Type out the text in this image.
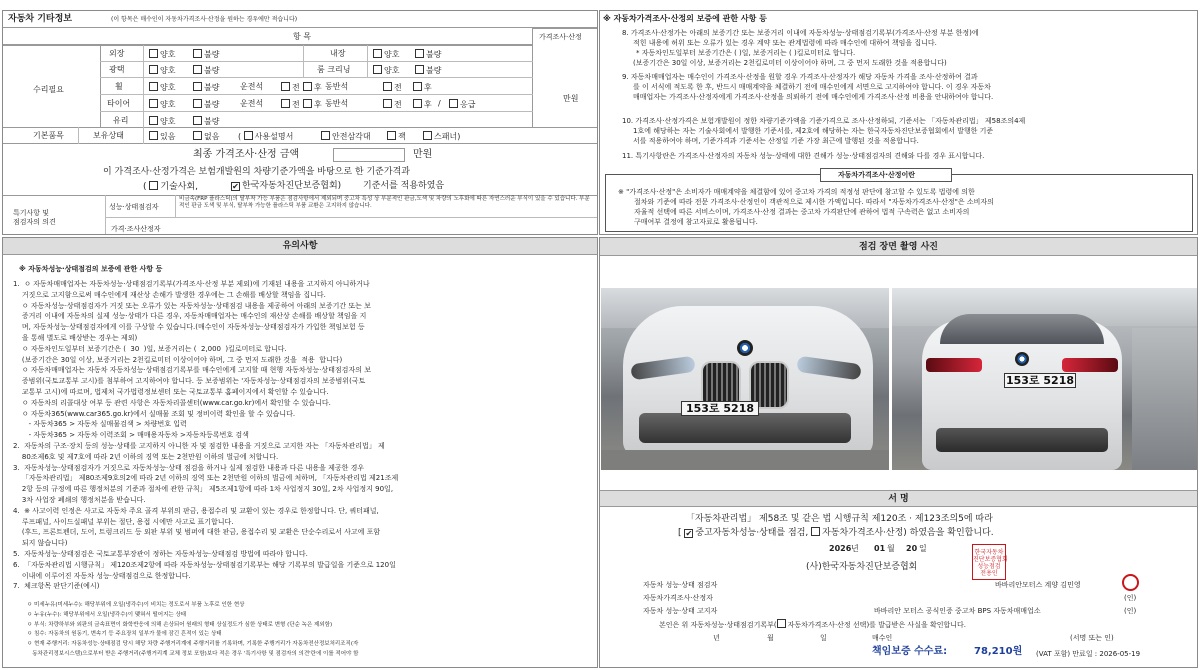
자동차 기타정보	(이 항목은 매수인이 자동차가격조사·산정을 원하는 경우에만 적습니다)
항 목	가격조사·산정
수리필요
만원
외장	양호	불량	내장	양호	불량
광택	양호	불량	룸 크리닝	양호	불량
휠	양호	불량	운전석	전	후 동반석	전	후
타이어	양호	불량	운전석	전	후 동반석	전	후 /	응급
유리	양호	불량
기본품목	보유상태	있음	없음 ( 사용설명서	안전삼각대	잭	스패너)
최종 가격조사·산정 금액	만원
이 가격조사·산정가격은 보험개발원의 차량기준가액을 바탕으로 한 기준가격과
( 기술사회,	✔ 한국자동차진단보증협회) 기준서를 적용하였음
특기사항 및
점검자의 의견
성능·상태점검자
비금속(FRP 플라스틱)의 탈부착 가능 부품은 점검사항에서 제외되며 중고차 특성 상 부분적인 판금,도색 및 차량의 노후화에 따른 자연스러운 부식이 있을 수 있습니다. 부분적인 판금 도색 및 부식, 탈부착 가능한 플라스틱 부품 교환은 고지하지 않습니다.
가격·조사산정자
※ 자동차가격조사·산정의 보증에 관한 사항 등
8. 가격조사·산정가는 아래의 보증기간 또는 보증거리 이내에 자동차성능·상태점검기록부(가격조사·산정 부분 한정)에
적힌 내용에 허위 또는 오류가 있는 경우 계약 또는 관계법령에 따라 매수인에 대하여 책임을 집니다.
* 자동차인도일부터 보증기간은 ( )일, 보증거리는 ( )킬로미터로 합니다.
(보증기간은 30일 이상, 보증거리는 2천킬로미터 이상이어야 하며, 그 중 먼저 도래한 것을 적용합니다)
9. 자동차매매업자는 매수인이 가격조사·산정을 원할 경우 가격조사·산정자가 해당 자동차 가격을 조사·산정하여 결과
를 이 서식에 적도록 한 후, 반드시 매매계약을 체결하기 전에 매수인에게 서면으로 고지하여야 합니다. 이 경우 자동차
매매업자는 가격조사·산정자에게 가격조사·산정을 의뢰하기 전에 매수인에게 가격조사·산정 비용을 안내하여야 합니다.
10. 가격조사·산정가격은 보험개발원이 정한 차량기준가액을 기준가격으로 조사·산정하되, 기준서는 「자동차관리법」 제58조의4제
1호에 해당하는 자는 기술사회에서 발행한 기준서를, 제2호에 해당하는 자는 한국자동차진단보증협회에서 발행한 기준
서를 적용하여야 하며, 기준가격과 기준서는 산정일 기준 가장 최근에 발행된 것을 적용합니다.
11. 특기사항란은 가격조사·산정자의 자동차 성능·상태에 대한 견해가 성능·상태점검자의 견해와 다를 경우 표시합니다.
자동차가격조사·산정이란
※ "가격조사·산정"은 소비자가 매매계약을 체결함에 있어 중고차 가격의 적정성 판단에 참고할 수 있도록 법령에 의한
절차와 기준에 따라 전문 가격조사·산정인이 객관적으로 제시한 가액입니다. 따라서 "자동차가격조사·산정"은 소비자의
자율적 선택에 따른 서비스이며, 가격조사·산정 결과는 중고차 가격판단에 관하여 법적 구속력은 없고 소비자의
구매여부 결정에 참고자료로 활용됩니다.
유의사항
※ 자동차성능·상태점검의 보증에 관한 사항 등
1.  ㅇ 자동차매매업자는 자동차성능·상태점검기록부(가격조사·산정 부분 제외)에 기재된 내용을 고지하지 아니하거나
거짓으로 고지함으로써 매수인에게 재산상 손해가 발생한 경우에는 그 손해를 배상할 책임을 집니다.
ㅇ 자동차성능·상태점검자가 거짓 또는 오류가 있는 자동차성능·상태점검 내용을 제공하여 아래의 보증기간 또는 보
증거리 이내에 자동차의 실제 성능·상태가 다른 경우, 자동차매매업자는 매수인의 재산상 손해를 배상할 책임을 지
며, 자동차성능·상태점검자에게 이를 구상할 수 있습니다.(매수인이 자동차성능·상태점검자가 가입한 책임보험 등
을 통해 별도로 배상받는 경우는 제외)
ㅇ 자동차인도일부터 보증기간은 (  30  )일, 보증거리는 (  2,000  )킬로미터로 합니다.
(보증기간은 30일 이상, 보증거리는 2천킬로미터 이상이어야 하며, 그 중 먼저 도래한 것을  적용  합니다)
ㅇ 자동차매매업자는 자동차 자동차성능·상태점검기록부를 매수인에게 고지할 때 현행 자동차성능·상태점검자의 보
증범위(국토교통부 고시)를 첨부하여 고지하여야 합니다. 등 보증범위는 '자동차성능·상태점검자의 보증범위(국토
교통부 고시)에 따르며, 법제처 국가법령정보센터 또는 국토교통부 홈페이지에서 확인할 수 있습니다.
ㅇ 자동차의 리콜대상 여부 등 관련 사항은 자동차리콜센터(www.car.go.kr)에서 확인할 수 있습니다.
ㅇ 자동차365(www.car365.go.kr)에서 실매물 조회 및 정비이력 확인을 할 수 있습니다.
- 자동차365 > 자동차 실매물검색 > 차량번호 입력
- 자동차365 > 자동차 이력조회 > 매매용자동차 >자동차등록번호 검색
2.  자동차의 구조·장치 등의 성능·상태를 고지하지 아니한 자 및 점검한 내용을 거짓으로 고지한 자는 「자동차관리법」 제
80조제6호 및 제7호에 따라 2년 이하의 징역 또는 2천만원 이하의 벌금에 처합니다.
3.  자동차성능·상태점검자가 거짓으로 자동차성능·상태 점검을 하거나 실제 점검한 내용과 다른 내용을 제공한 경우
「자동차관리법」 제80조제9호의2에 따라 2년 이하의 징역 또는 2천만원 이하의 벌금에 처하며, 「자동차관리법 제21조제
2항 등의 규정에 따른 행정처분의 기준과 절차에 관한 규칙」 제5조제1항에 따라 1차 사업정지 30일, 2차 사업정지 90일,
3차 사업장 폐쇄의 행정처분을 받습니다.
4.  ※ 사고이력 인정은 사고로 자동차 주요 골격 부위의 판금, 용접수리 및 교환이 있는 경우로 한정합니다. 단, 쿼터패널,
루프패널, 사이드실패널 부위는 절단, 용접 시에만 사고로 표기합니다.
(후드, 프론트펜더, 도어, 트렁크리드 등 외판 부위 및 범퍼에 대한 판금, 용접수리 및 교환은 단순수리로서 사고에 포함
되지 않습니다)
5.  자동차성능·상태점검은 국토교통부장관이 정하는 자동차성능·상태점검 방법에 따라야 합니다.
6.  「자동차관리법 시행규칙」 제120조제2항에 따라 자동차성능·상태점검기록부는 해당 기록부의 발급일을 기준으로 120일
이내에 이루어진 자동차 성능·상태점검으로 한정합니다.
7.  체크항목 판단기준(예시)
ㅇ 미세누유(미세누수): 해당부위에 오일(냉각수)이 비치는 정도로서 부품 노후로 인한 현상
ㅇ 누유(누수): 해당부위에서 오일(냉각수)이 맺혀서 떨어지는 상태
ㅇ 부식: 차량하부와 외판의 금속표면이 화학반응에 의해 손상되어 원래의 형태 상실정도가 심한 상태로 변형 (단순 녹은 제외함)
ㅇ 침수: 자동차의 원동기, 변속기 등 주요장치 일부가 물에 잠긴 흔적이 있는 상태
ㅇ 현재 주행거리: 자동차성능·상태점검 당시 해당 차량 주행거리계에 주행거리를 기록하며, 기록한 주행거리가 자동차전산정보처리조직(자
동차관리정보시스템)으로부터 받은 주행거리(주행거리계 교체 정보 포함)보다 적은 경우 '특기사항 및 점검자의 의견'란에 이를 적어야 함
점검 장면 촬영 사진
153로 5218
153로 5218
서 명
「자동차관리법」 제58조 및 같은 법 시행규칙 제120조 · 제123조의5에 따라
[ ✔ 중고자동차성능·상태를 점검, 자동차가격조사·산정) 하였음을 확인합니다.
2026 년 01 월 20 일
(사)한국자동차진단보증협회
한국자동차
진단보증협회
성능점검
전용인
자동차 성능·상태 점검자	바바리안모터스 계양 김민영
자동차가격조사·산정자	(인)
자동차 성능·상태 고지자	바바리안 모터스 공식인증 중고차 BPS 자동차매매업소	(인)
본인은 위 자동차성능·상태점검기록부( 자동차가격조사·산정 선택)를 발급받은 사실을 확인합니다.
년	월	일	매수인	(서명 또는 인)
책임보증 수수료:	78,210원 (VAT 포함) 만료일 : 2026-05-19
